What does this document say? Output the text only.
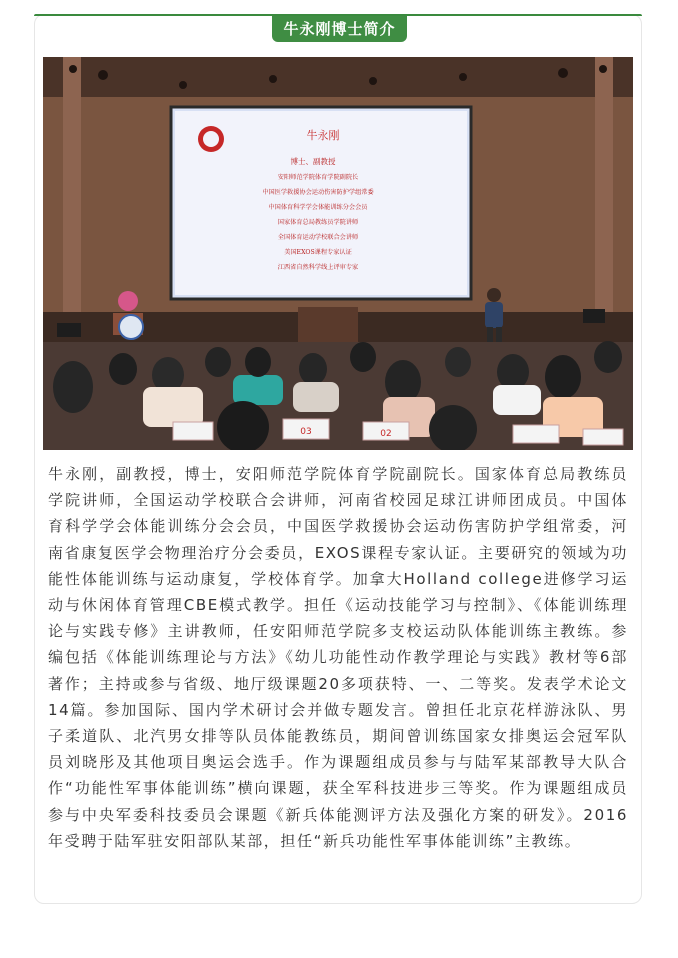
牛永刚博士简介
牛永刚
博士、副教授
安阳师范学院体育学院副院长
中国医学救援协会运动伤害防护学组常委
中国体育科学学会体能训练分会会员
国家体育总局教练员学院讲师
全国体育运动学校联合会讲师
美国EXOS课程专家认证
江西省自然科学线上评审专家
03	02

牛永刚，副教授，博士，安阳师范学院体育学院副院长。国家体育总局教练员学院讲师，全国运动学校联合会讲师，河南省校园足球江讲师团成员。中国体育科学学会体能训练分会会员，中国医学救援协会运动伤害防护学组常委，河南省康复医学会物理治疗分会委员，EXOS课程专家认证。主要研究的领域为功能性体能训练与运动康复，学校体育学。加拿大Holland college进修学习运动与休闲体育管理CBE模式教学。担任《运动技能学习与控制》、《体能训练理论与实践专修》主讲教师，任安阳师范学院多支校运动队体能训练主教练。参编包括《体能训练理论与方法》《幼儿功能性动作教学理论与实践》教材等6部著作；主持或参与省级、地厅级课题20多项获特、一、二等奖。发表学术论文14篇。参加国际、国内学术研讨会并做专题发言。曾担任北京花样游泳队、男子柔道队、北汽男女排等队员体能教练员，期间曾训练国家女排奥运会冠军队员刘晓彤及其他项目奥运会选手。作为课题组成员参与与陆军某部教导大队合作“功能性军事体能训练”横向课题，获全军科技进步三等奖。作为课题组成员参与中央军委科技委员会课题《新兵体能测评方法及强化方案的研发》。2016年受聘于陆军驻安阳部队某部，担任“新兵功能性军事体能训练”主教练。
